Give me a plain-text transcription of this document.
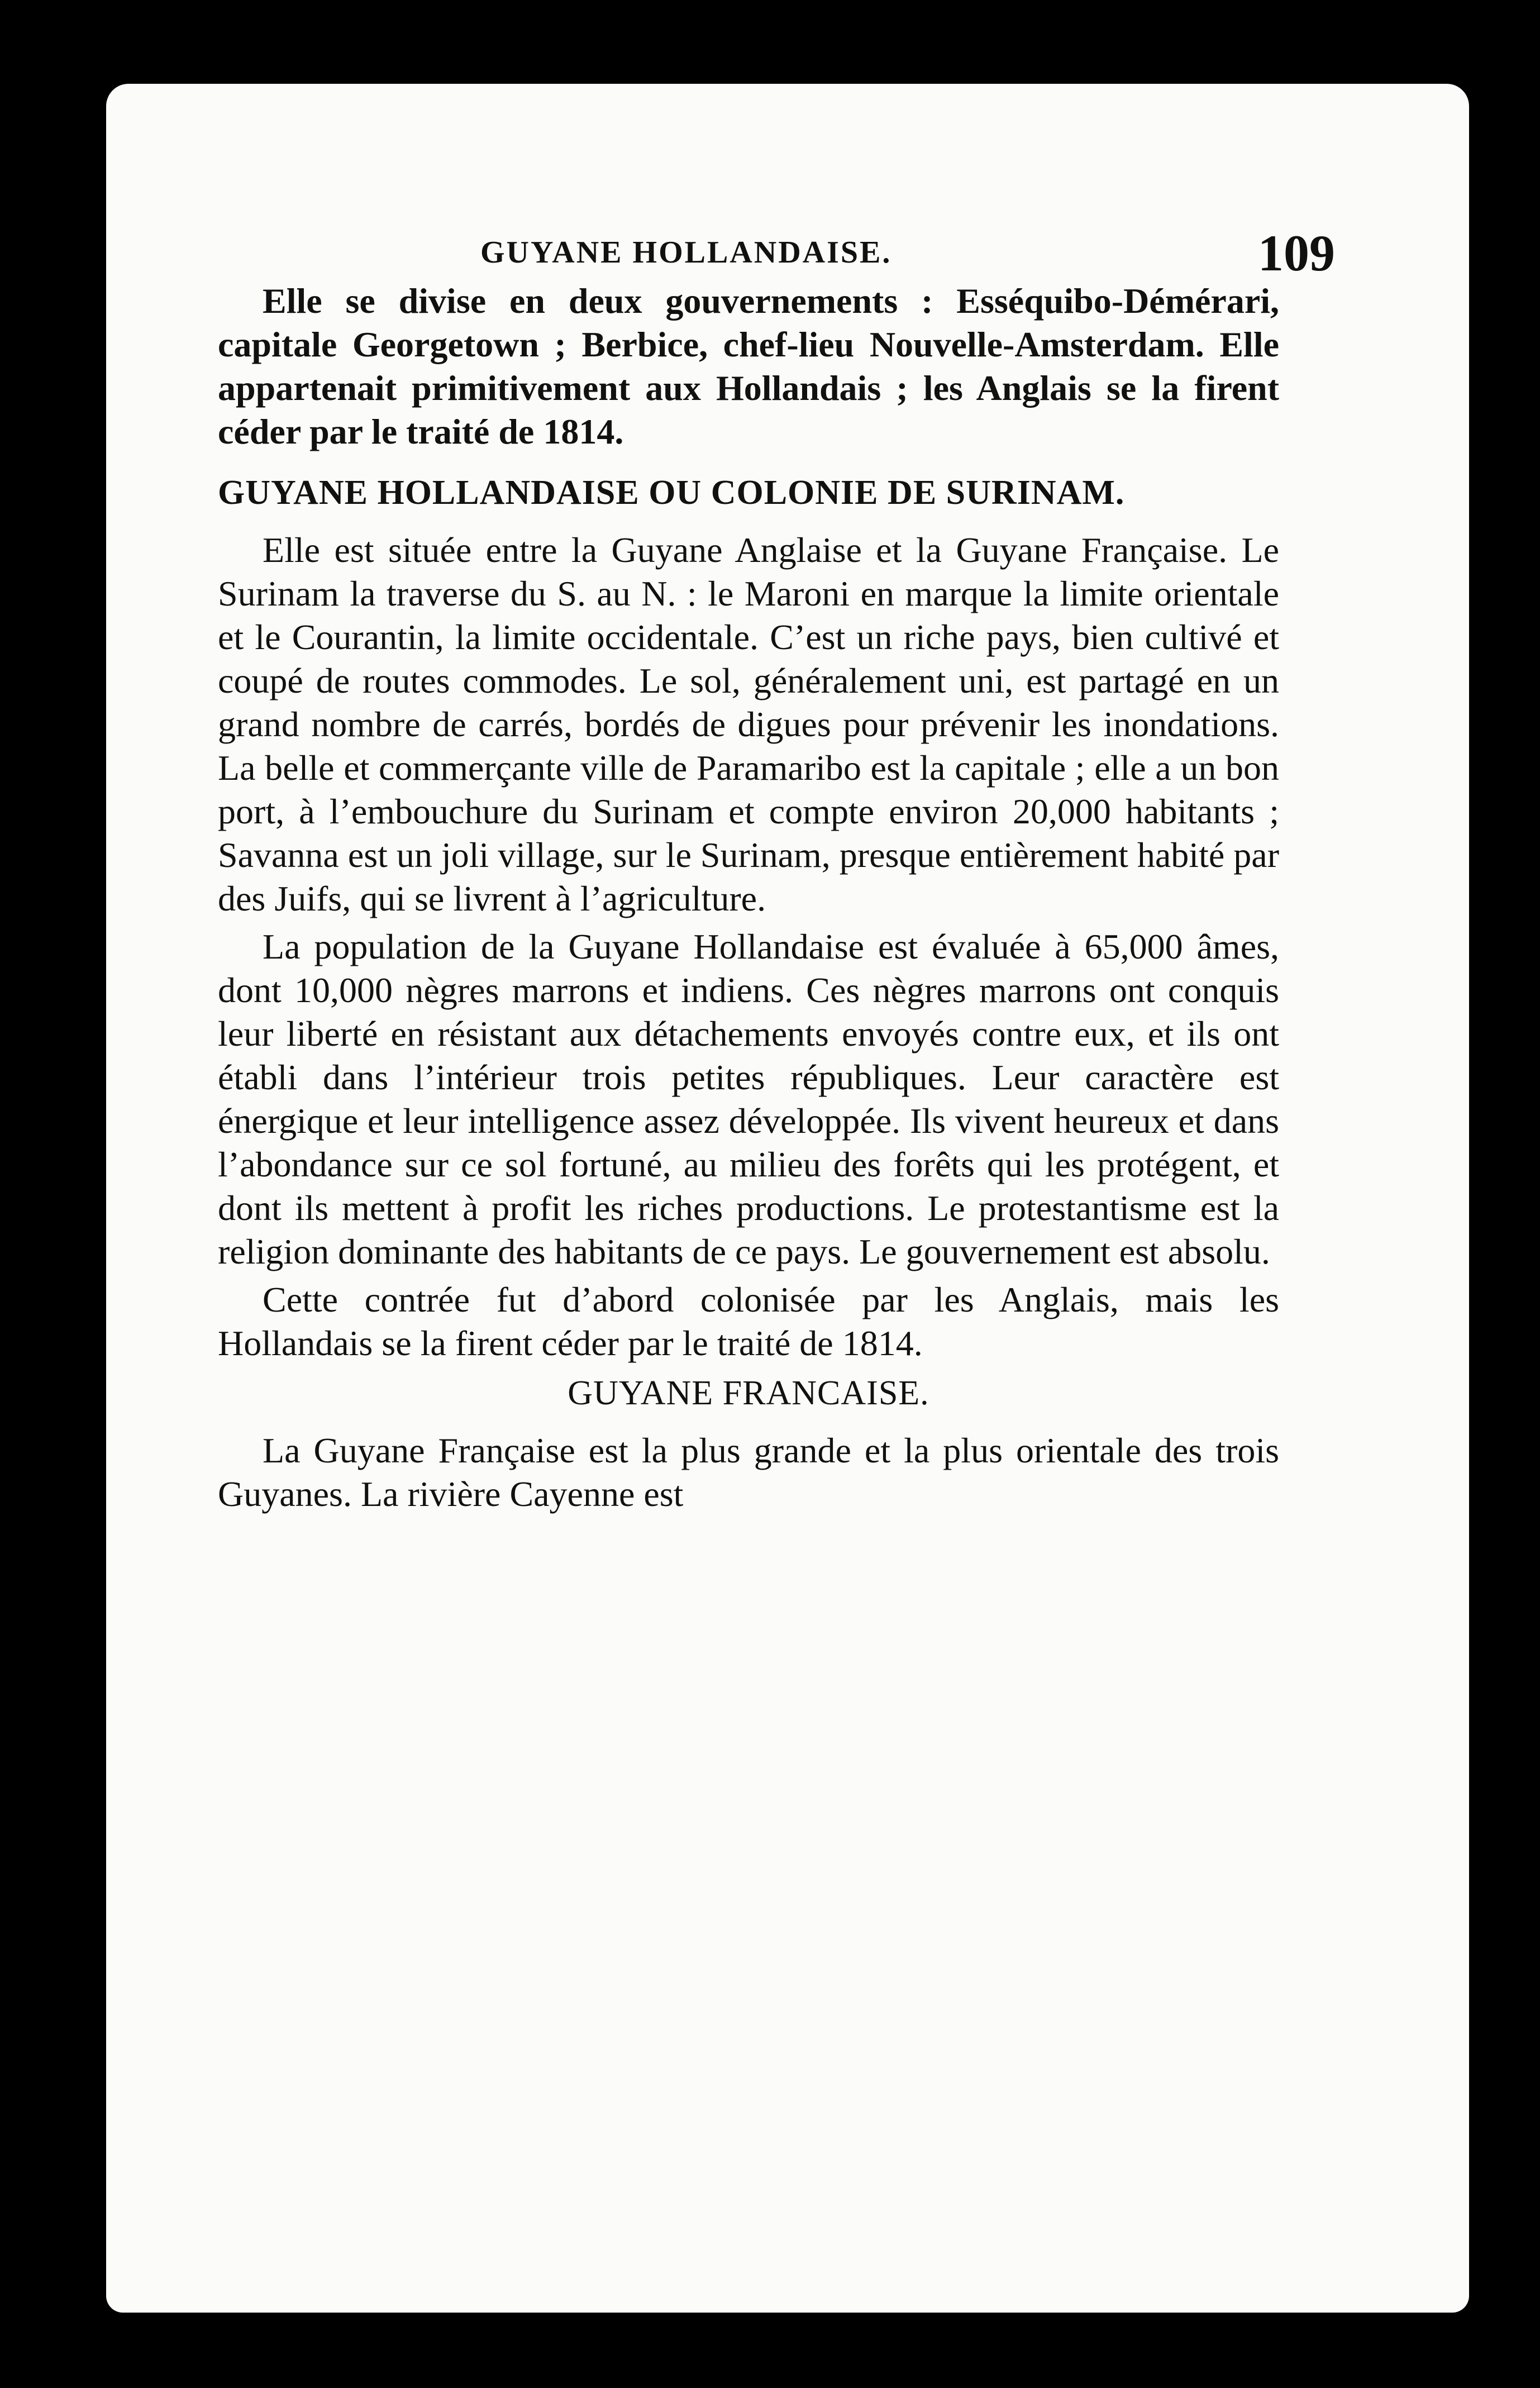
GUYANE HOLLANDAISE.	109

Elle se divise en deux gouvernements : Esséquibo-Démérari, capitale Georgetown ; Berbice, chef-lieu Nouvelle-Amsterdam. Elle appartenait primitivement aux Hollandais ; les Anglais se la firent céder par le traité de 1814.

GUYANE HOLLANDAISE OU COLONIE DE SURINAM.

Elle est située entre la Guyane Anglaise et la Guyane Française. Le Surinam la traverse du S. au N. : le Maroni en marque la limite orientale et le Courantin, la limite occidentale. C’est un riche pays, bien cultivé et coupé de routes commodes. Le sol, généralement uni, est partagé en un grand nombre de carrés, bordés de digues pour prévenir les inondations. La belle et commerçante ville de Paramaribo est la capitale ; elle a un bon port, à l’embouchure du Surinam et compte environ 20,000 habitants ; Savanna est un joli village, sur le Surinam, presque entièrement habité par des Juifs, qui se livrent à l’agriculture.

La population de la Guyane Hollandaise est évaluée à 65,000 âmes, dont 10,000 nègres marrons et indiens. Ces nègres marrons ont conquis leur liberté en résistant aux détachements envoyés contre eux, et ils ont établi dans l’intérieur trois petites républiques. Leur caractère est énergique et leur intelligence assez développée. Ils vivent heureux et dans l’abondance sur ce sol fortuné, au milieu des forêts qui les protégent, et dont ils mettent à profit les riches productions. Le protestantisme est la religion dominante des habitants de ce pays. Le gouvernement est absolu.

Cette contrée fut d’abord colonisée par les Anglais, mais les Hollandais se la firent céder par le traité de 1814.

GUYANE FRANCAISE.

La Guyane Française est la plus grande et la plus orientale des trois Guyanes. La rivière Cayenne est
